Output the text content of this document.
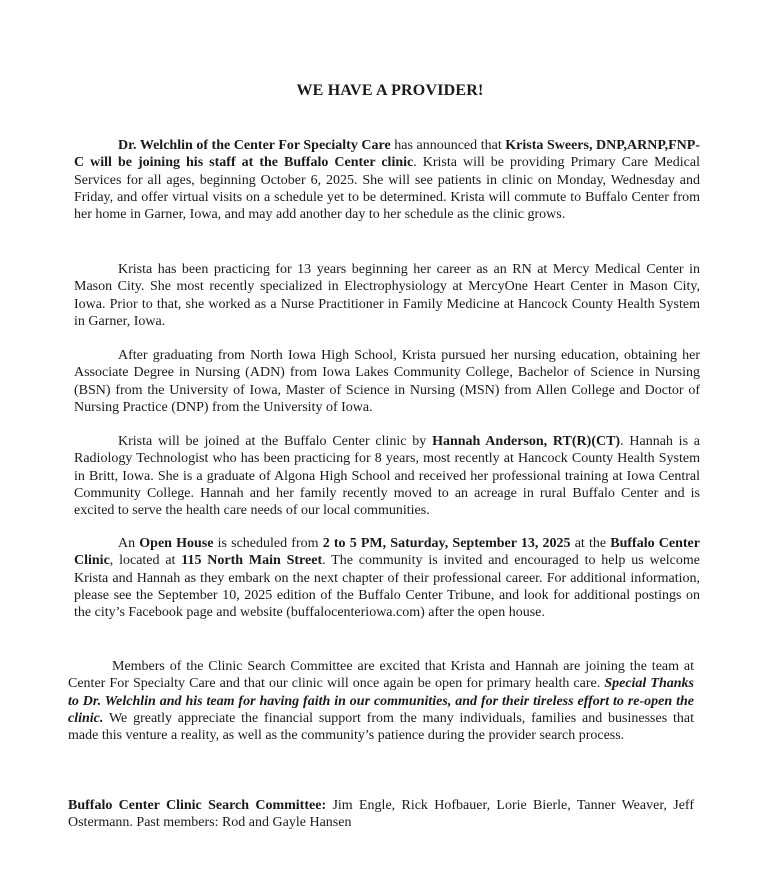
WE HAVE A PROVIDER!

Dr. Welchlin of the Center For Specialty Care has announced that Krista Sweers, DNP,ARNP,FNP-C will be joining his staff at the Buffalo Center clinic. Krista will be providing Primary Care Medical Services for all ages, beginning October 6, 2025. She will see patients in clinic on Monday, Wednesday and Friday, and offer virtual visits on a schedule yet to be determined. Krista will commute to Buffalo Center from her home in Garner, Iowa, and may add another day to her schedule as the clinic grows.

Krista has been practicing for 13 years beginning her career as an RN at Mercy Medical Center in Mason City. She most recently specialized in Electrophysiology at MercyOne Heart Center in Mason City, Iowa. Prior to that, she worked as a Nurse Practitioner in Family Medicine at Hancock County Health System in Garner, Iowa.

After graduating from North Iowa High School, Krista pursued her nursing education, obtaining her Associate Degree in Nursing (ADN) from Iowa Lakes Community College, Bachelor of Science in Nursing (BSN) from the University of Iowa, Master of Science in Nursing (MSN) from Allen College and Doctor of Nursing Practice (DNP) from the University of Iowa.

Krista will be joined at the Buffalo Center clinic by Hannah Anderson, RT(R)(CT). Hannah is a Radiology Technologist who has been practicing for 8 years, most recently at Hancock County Health System in Britt, Iowa. She is a graduate of Algona High School and received her professional training at Iowa Central Community College. Hannah and her family recently moved to an acreage in rural Buffalo Center and is excited to serve the health care needs of our local communities.

An Open House is scheduled from 2 to 5 PM, Saturday, September 13, 2025 at the Buffalo Center Clinic, located at 115 North Main Street. The community is invited and encouraged to help us welcome Krista and Hannah as they embark on the next chapter of their professional career. For additional information, please see the September 10, 2025 edition of the Buffalo Center Tribune, and look for additional postings on the city’s Facebook page and website (buffalocenteriowa.com) after the open house.

Members of the Clinic Search Committee are excited that Krista and Hannah are joining the team at Center For Specialty Care and that our clinic will once again be open for primary health care. Special Thanks to Dr. Welchlin and his team for having faith in our communities, and for their tireless effort to re-open the clinic. We greatly appreciate the financial support from the many individuals, families and businesses that made this venture a reality, as well as the community’s patience during the provider search process.

Buffalo Center Clinic Search Committee: Jim Engle, Rick Hofbauer, Lorie Bierle, Tanner Weaver, Jeff Ostermann. Past members: Rod and Gayle Hansen
